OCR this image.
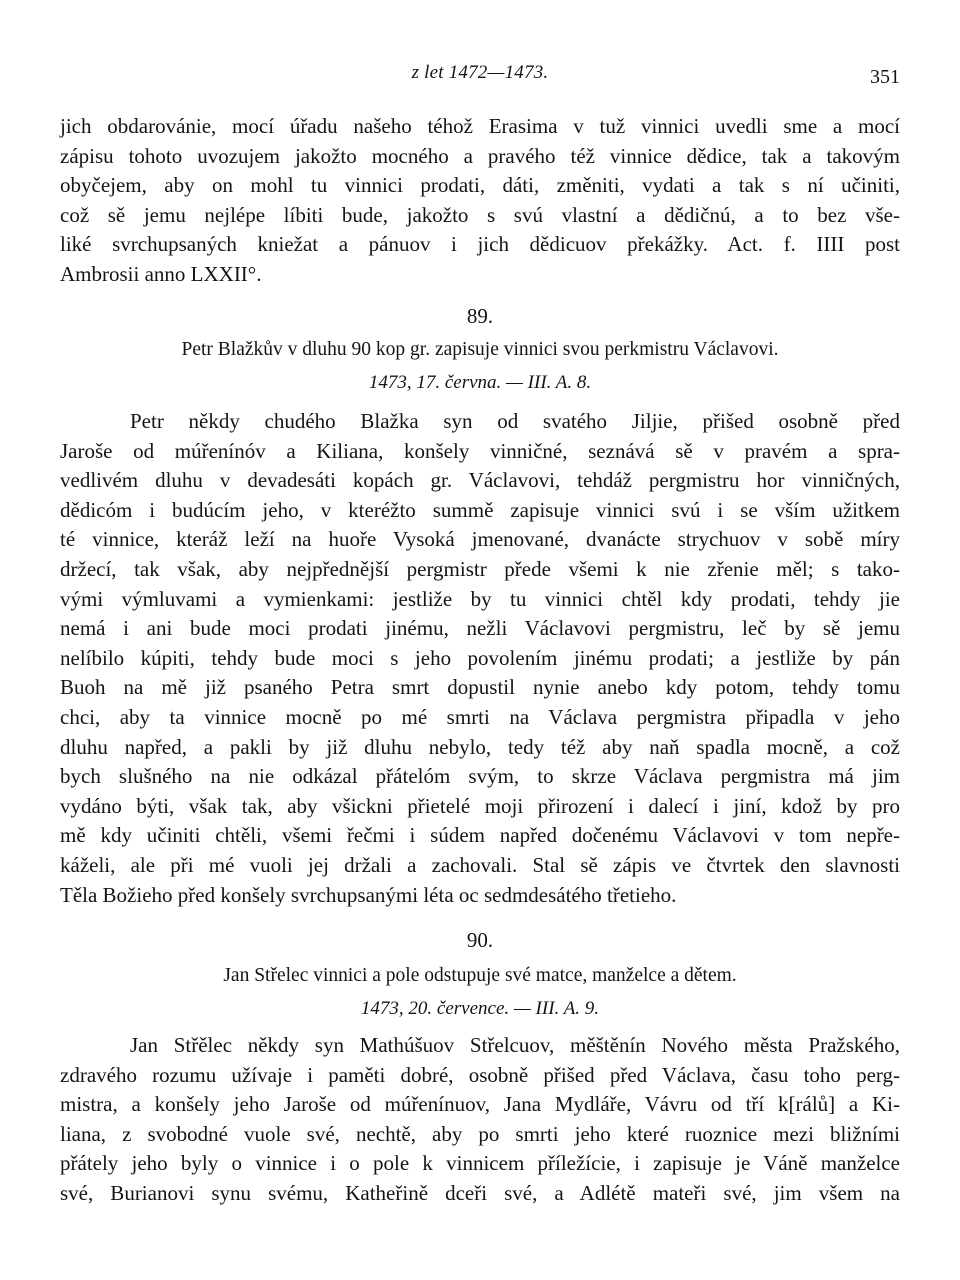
z let 1472—1473.	351
jich obdarovánie, mocí úřadu našeho téhož Erasima v tuž vinnici uvedli sme a mocí
zápisu tohoto uvozujem jakožto mocného a pravého též vinnice dědice, tak a takovým
obyčejem, aby on mohl tu vinnici prodati, dáti, změniti, vydati a tak s ní učiniti,
což sě jemu nejlépe líbiti bude, jakožto s svú vlastní a dědičnú, a to bez vše-
liké svrchupsaných kniežat a pánuov i jich dědicuov překážky. Act. f. IIII post
Ambrosii anno LXXII°.
89.
Petr Blažkův v dluhu 90 kop gr. zapisuje vinnici svou perkmistru Václavovi.
1473, 17. června. — III. A. 8.
Petr někdy chudého Blažka syn od svatého Jiljie, přišed osobně před
Jaroše od múřenínóv a Kiliana, konšely vinničné, seznává sě v pravém a spra-
vedlivém dluhu v devadesáti kopách gr. Václavovi, tehdáž pergmistru hor vinničných,
dědicóm i budúcím jeho, v kteréžto summě zapisuje vinnici svú i se vším užitkem
té vinnice, kteráž leží na huoře Vysoká jmenované, dvanácte strychuov v sobě míry
držecí, tak však, aby nejpřednější pergmistr přede všemi k nie zřenie měl; s tako-
vými výmluvami a vymienkami: jestliže by tu vinnici chtěl kdy prodati, tehdy jie
nemá i ani bude moci prodati jinému, nežli Václavovi pergmistru, leč by sě jemu
nelíbilo kúpiti, tehdy bude moci s jeho povolením jinému prodati; a jestliže by pán
Buoh na mě již psaného Petra smrt dopustil nynie anebo kdy potom, tehdy tomu
chci, aby ta vinnice mocně po mé smrti na Václava pergmistra připadla v jeho
dluhu napřed, a pakli by již dluhu nebylo, tedy též aby naň spadla mocně, a což
bych slušného na nie odkázal přátelóm svým, to skrze Václava pergmistra má jim
vydáno býti, však tak, aby všickni přietelé moji přirození i dalecí i jiní, kdož by pro
mě kdy učiniti chtěli, všemi řečmi i súdem napřed dočenému Václavovi v tom nepře-
káželi, ale při mé vuoli jej držali a zachovali. Stal sě zápis ve čtvrtek den slavnosti
Těla Božieho před konšely svrchupsanými léta oc sedmdesátého třetieho.
90.
Jan Střelec vinnici a pole odstupuje své matce, manželce a dětem.
1473, 20. července. — III. A. 9.
Jan Střělec někdy syn Mathúšuov Střelcuov, měštěnín Nového města Pražského,
zdravého rozumu užívaje i paměti dobré, osobně přišed před Václava, času toho perg-
mistra, a konšely jeho Jaroše od múřenínuov, Jana Mydláře, Vávru od tří k[rálů] a Ki-
liana, z svobodné vuole své, nechtě, aby po smrti jeho které ruoznice mezi bližními
přátely jeho byly o vinnice i o pole k vinnicem příležície, i zapisuje je Váně manželce
své, Burianovi synu svému, Katheřině dceři své, a Adlétě mateři své, jim všem na
